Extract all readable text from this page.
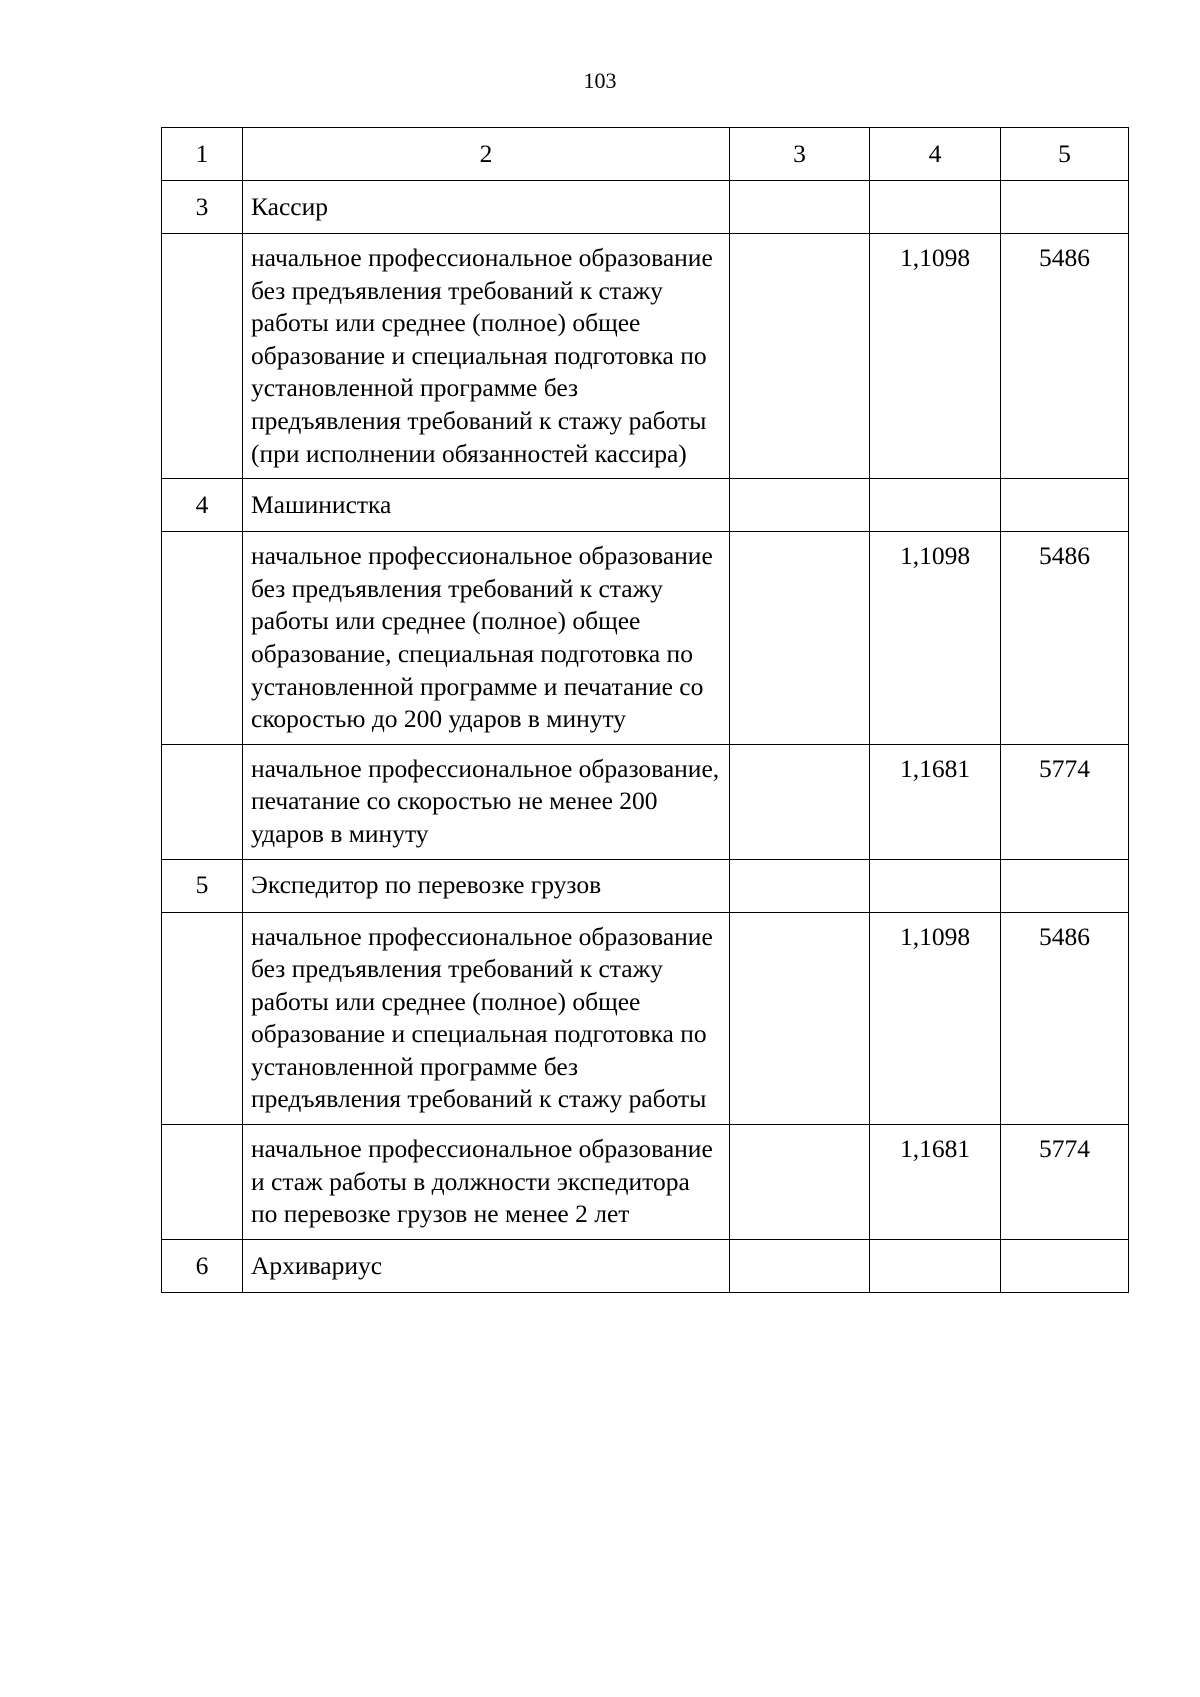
103
1	2	3	4	5
3	Кассир			
	начальное профессиональное образование без предъявления требований к стажу работы или среднее (полное) общее образование и специальная подготовка по установленной программе без предъявления требований к стажу работы (при исполнении обязанностей кассира)		1,1098	5486
4	Машинистка			
	начальное профессиональное образование без предъявления требований к стажу работы или среднее (полное) общее образование, специальная подготовка по установленной программе и печатание со скоростью до 200 ударов в минуту		1,1098	5486
	начальное профессиональное образование, печатание со скоростью не менее 200 ударов в минуту		1,1681	5774
5	Экспедитор по перевозке грузов			
	начальное профессиональное образование без предъявления требований к стажу работы или среднее (полное) общее образование и специальная подготовка по установленной программе без предъявления требований к стажу работы		1,1098	5486
	начальное профессиональное образование и стаж работы в должности экспедитора по перевозке грузов не менее 2 лет		1,1681	5774
6	Архивариус			
